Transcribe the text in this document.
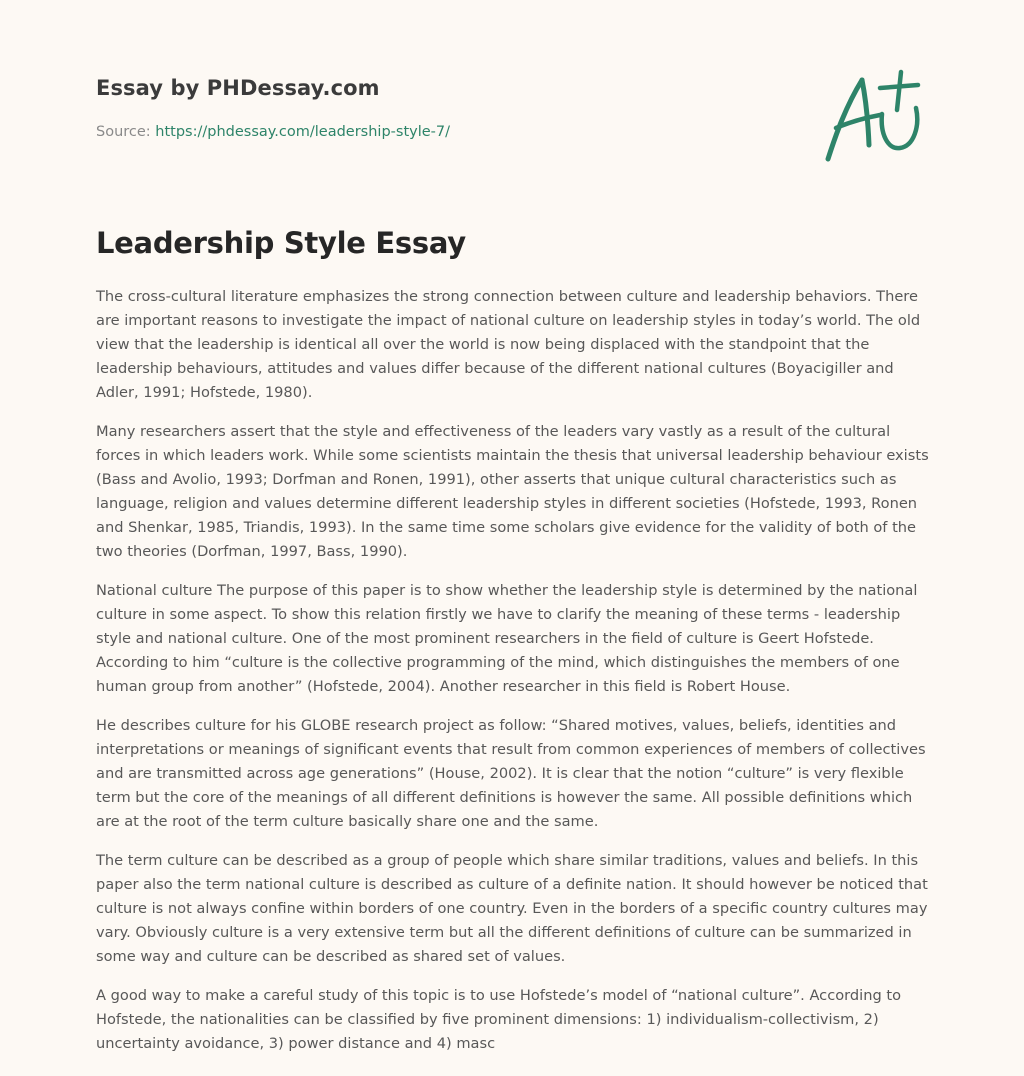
Essay by PHDessay.com

Source: https://phdessay.com/leadership-style-7/

Leadership Style Essay

The cross-cultural literature emphasizes the strong connection between culture and leadership behaviors. There are important reasons to investigate the impact of national culture on leadership styles in today’s world. The old view that the leadership is identical all over the world is now being displaced with the standpoint that the leadership behaviours, attitudes and values differ because of the different national cultures (Boyacigiller and Adler, 1991; Hofstede, 1980).

Many researchers assert that the style and effectiveness of the leaders vary vastly as a result of the cultural forces in which leaders work. While some scientists maintain the thesis that universal leadership behaviour exists (Bass and Avolio, 1993; Dorfman and Ronen, 1991), other asserts that unique cultural characteristics such as language, religion and values determine different leadership styles in different societies (Hofstede, 1993, Ronen and Shenkar, 1985, Triandis, 1993). In the same time some scholars give evidence for the validity of both of the two theories (Dorfman, 1997, Bass, 1990).

National culture The purpose of this paper is to show whether the leadership style is determined by the national culture in some aspect. To show this relation firstly we have to clarify the meaning of these terms - leadership style and national culture. One of the most prominent researchers in the field of culture is Geert Hofstede. According to him “culture is the collective programming of the mind, which distinguishes the members of one human group from another” (Hofstede, 2004). Another researcher in this field is Robert House.

He describes culture for his GLOBE research project as follow: “Shared motives, values, beliefs, identities and interpretations or meanings of significant events that result from common experiences of members of collectives and are transmitted across age generations” (House, 2002). It is clear that the notion “culture” is very flexible term but the core of the meanings of all different definitions is however the same. All possible definitions which are at the root of the term culture basically share one and the same.

The term culture can be described as a group of people which share similar traditions, values and beliefs. In this paper also the term national culture is described as culture of a definite nation. It should however be noticed that culture is not always confine within borders of one country. Even in the borders of a specific country cultures may vary. Obviously culture is a very extensive term but all the different definitions of culture can be summarized in some way and culture can be described as shared set of values.

A good way to make a careful study of this topic is to use Hofstede’s model of “national culture”. According to Hofstede, the nationalities can be classified by five prominent dimensions: 1) individualism-collectivism, 2) uncertainty avoidance, 3) power distance and 4) masc
